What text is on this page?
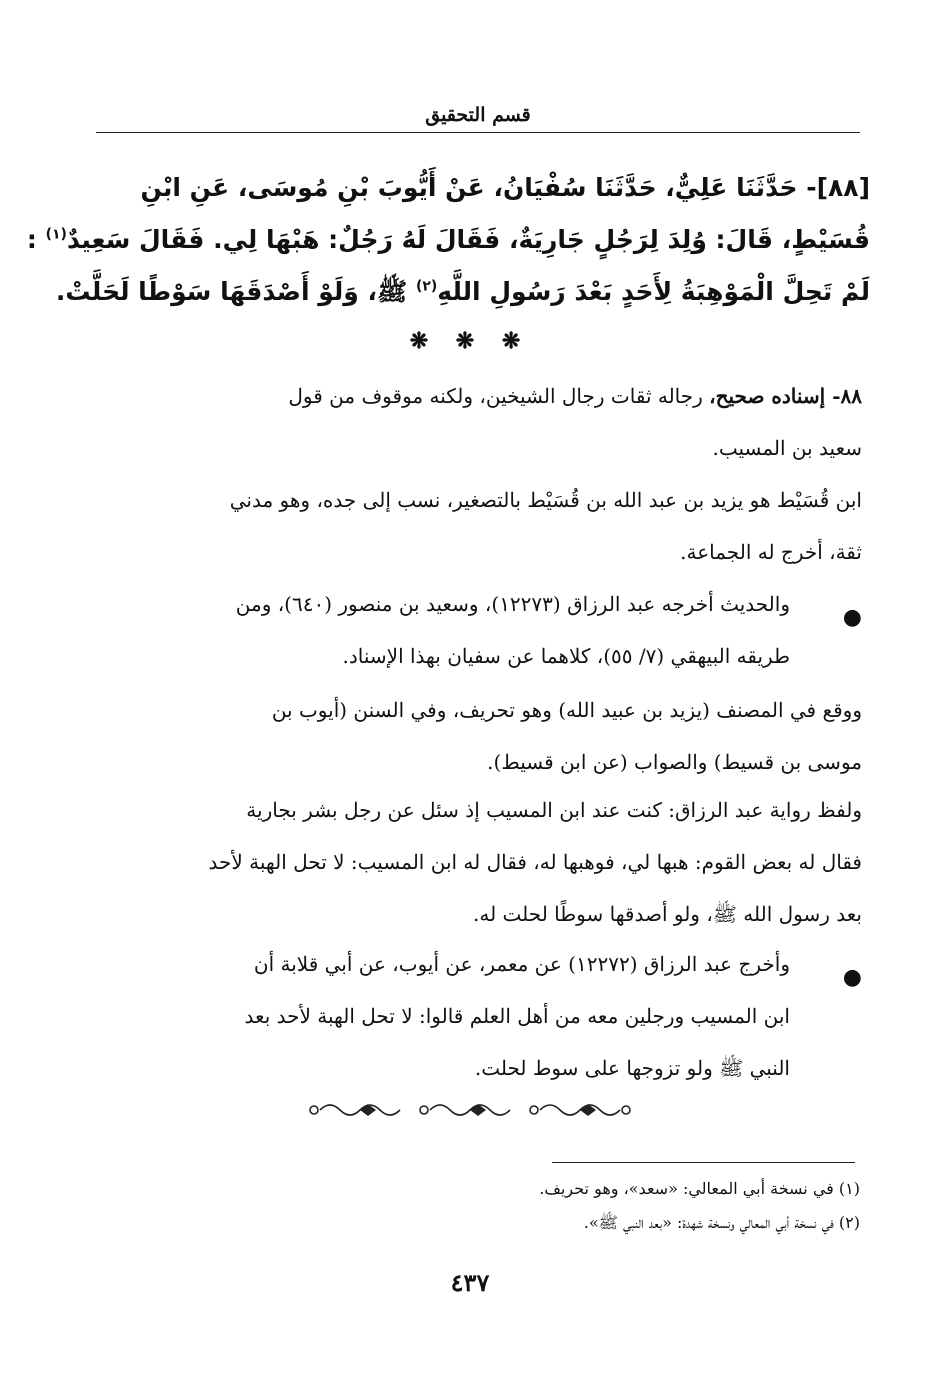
قسم التحقيق
[٨٨]- حَدَّثَنَا عَلِيٌّ، حَدَّثَنَا سُفْيَانُ، عَنْ أَيُّوبَ بْنِ مُوسَى، عَنِ ابْنِ
قُسَيْطٍ، قَالَ: وُلِدَ لِرَجُلٍ جَارِيَةٌ، فَقَالَ لَهُ رَجُلٌ: هَبْهَا لِي. فَقَالَ سَعِيدٌ$^{(١)}$ :
لَمْ تَحِلَّ الْمَوْهِبَةُ لِأَحَدٍ بَعْدَ رَسُولِ اللَّهِ$^{(٢)}$ ﷺ، وَلَوْ أَصْدَقَهَا سَوْطًا لَحَلَّتْ.
❋ ❋ ❋
٨٨- إسناده صحيح، رجاله ثقات رجال الشيخين، ولكنه موقوف من قول
سعيد بن المسيب.
ابن قُسَيْط هو يزيد بن عبد الله بن قُسَيْط بالتصغير، نسب إلى جده، وهو مدني
ثقة، أخرج له الجماعة.
●
والحديث أخرجه عبد الرزاق (١٢٢٧٣)، وسعيد بن منصور (٦٤٠)، ومن
طريقه البيهقي (٧/ ٥٥)، كلاهما عن سفيان بهذا الإسناد.
ووقع في المصنف (يزيد بن عبيد الله) وهو تحريف، وفي السنن (أيوب بن
موسى بن قسيط) والصواب (عن ابن قسيط).
ولفظ رواية عبد الرزاق: كنت عند ابن المسيب إذ سئل عن رجل بشر بجارية
فقال له بعض القوم: هبها لي، فوهبها له، فقال له ابن المسيب: لا تحل الهبة لأحد
بعد رسول الله ﷺ، ولو أصدقها سوطًا لحلت له.
●
وأخرج عبد الرزاق (١٢٢٧٢) عن معمر، عن أيوب، عن أبي قلابة أن
ابن المسيب ورجلين معه من أهل العلم قالوا: لا تحل الهبة لأحد بعد
النبي ﷺ ولو تزوجها على سوط لحلت.
(١) في نسخة أبي المعالي: «سعد»، وهو تحريف.
(٢) في نسخة أبي المعالي ونسخة شهدة: «بعد النبي ﷺ».
٤٣٧
